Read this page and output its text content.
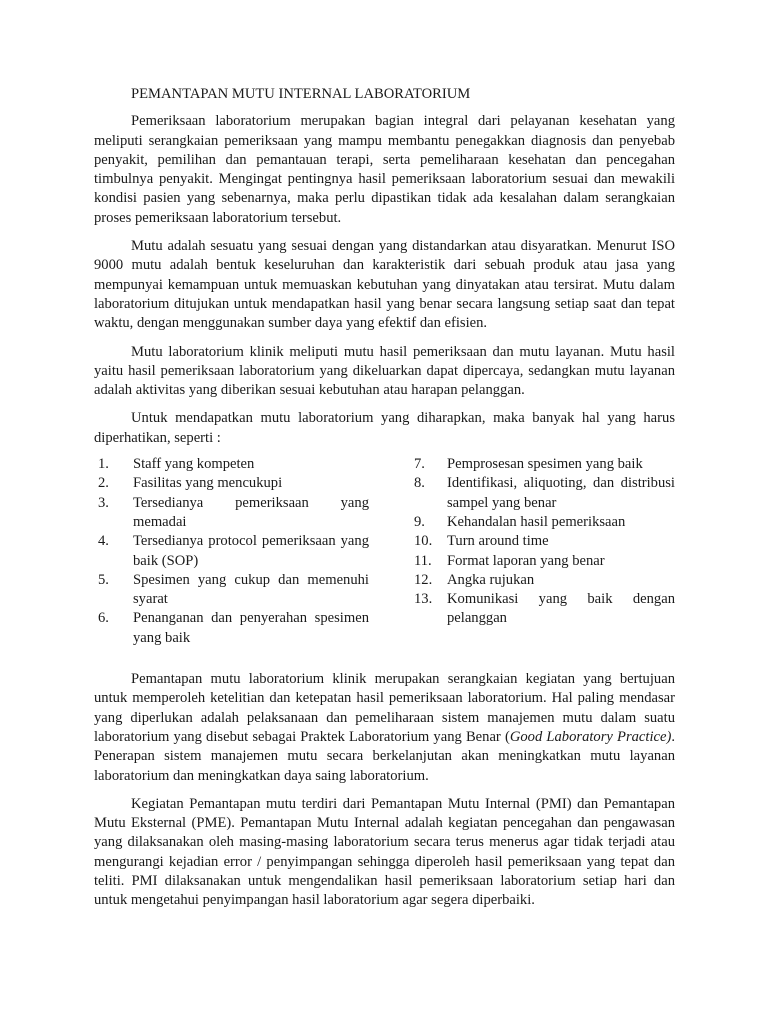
PEMANTAPAN MUTU INTERNAL LABORATORIUM

Pemeriksaan laboratorium merupakan bagian integral dari pelayanan kesehatan yang meliputi serangkaian pemeriksaan yang mampu membantu penegakkan diagnosis dan penyebab penyakit, pemilihan dan pemantauan terapi, serta pemeliharaan kesehatan dan pencegahan timbulnya penyakit. Mengingat pentingnya hasil pemeriksaan laboratorium sesuai dan mewakili kondisi pasien yang sebenarnya, maka perlu dipastikan tidak ada kesalahan dalam serangkaian proses pemeriksaan laboratorium tersebut.

Mutu adalah sesuatu yang sesuai dengan yang distandarkan atau disyaratkan. Menurut ISO 9000 mutu adalah bentuk keseluruhan dan karakteristik dari sebuah produk atau jasa yang mempunyai kemampuan untuk memuaskan kebutuhan yang dinyatakan atau tersirat. Mutu dalam laboratorium ditujukan untuk mendapatkan hasil yang benar secara langsung setiap saat dan tepat waktu, dengan menggunakan sumber daya yang efektif dan efisien.

Mutu laboratorium klinik meliputi mutu hasil pemeriksaan dan mutu layanan. Mutu hasil yaitu hasil pemeriksaan laboratorium yang dikeluarkan dapat dipercaya, sedangkan mutu layanan adalah aktivitas yang diberikan sesuai kebutuhan atau harapan pelanggan.

Untuk mendapatkan mutu laboratorium yang diharapkan, maka banyak hal yang harus diperhatikan, seperti :

1.	Staff yang kompeten
2.	Fasilitas yang mencukupi
3.	Tersedianya pemeriksaan yang memadai
4.	Tersedianya protocol pemeriksaan yang baik (SOP)
5.	Spesimen yang cukup dan memenuhi syarat
6.	Penanganan dan penyerahan spesimen yang baik
7.	Pemprosesan spesimen yang baik
8.	Identifikasi, aliquoting, dan distribusi sampel yang benar
9.	Kehandalan hasil pemeriksaan
10.	Turn around time
11.	Format laporan yang benar
12.	Angka rujukan
13.	Komunikasi yang baik dengan pelanggan

Pemantapan mutu laboratorium klinik merupakan serangkaian kegiatan yang bertujuan untuk memperoleh ketelitian dan ketepatan hasil pemeriksaan laboratorium. Hal paling mendasar yang diperlukan adalah pelaksanaan dan pemeliharaan sistem manajemen mutu dalam suatu laboratorium yang disebut sebagai Praktek Laboratorium yang Benar (Good Laboratory Practice). Penerapan sistem manajemen mutu secara berkelanjutan akan meningkatkan mutu layanan laboratorium dan meningkatkan daya saing laboratorium.

Kegiatan Pemantapan mutu terdiri dari Pemantapan Mutu Internal (PMI) dan Pemantapan Mutu Eksternal (PME). Pemantapan Mutu Internal adalah kegiatan pencegahan dan pengawasan yang dilaksanakan oleh masing-masing laboratorium secara terus menerus agar tidak terjadi atau mengurangi kejadian error / penyimpangan sehingga diperoleh hasil pemeriksaan yang tepat dan teliti. PMI dilaksanakan untuk mengendalikan hasil pemeriksaan laboratorium setiap hari dan untuk mengetahui penyimpangan hasil laboratorium agar segera diperbaiki.
